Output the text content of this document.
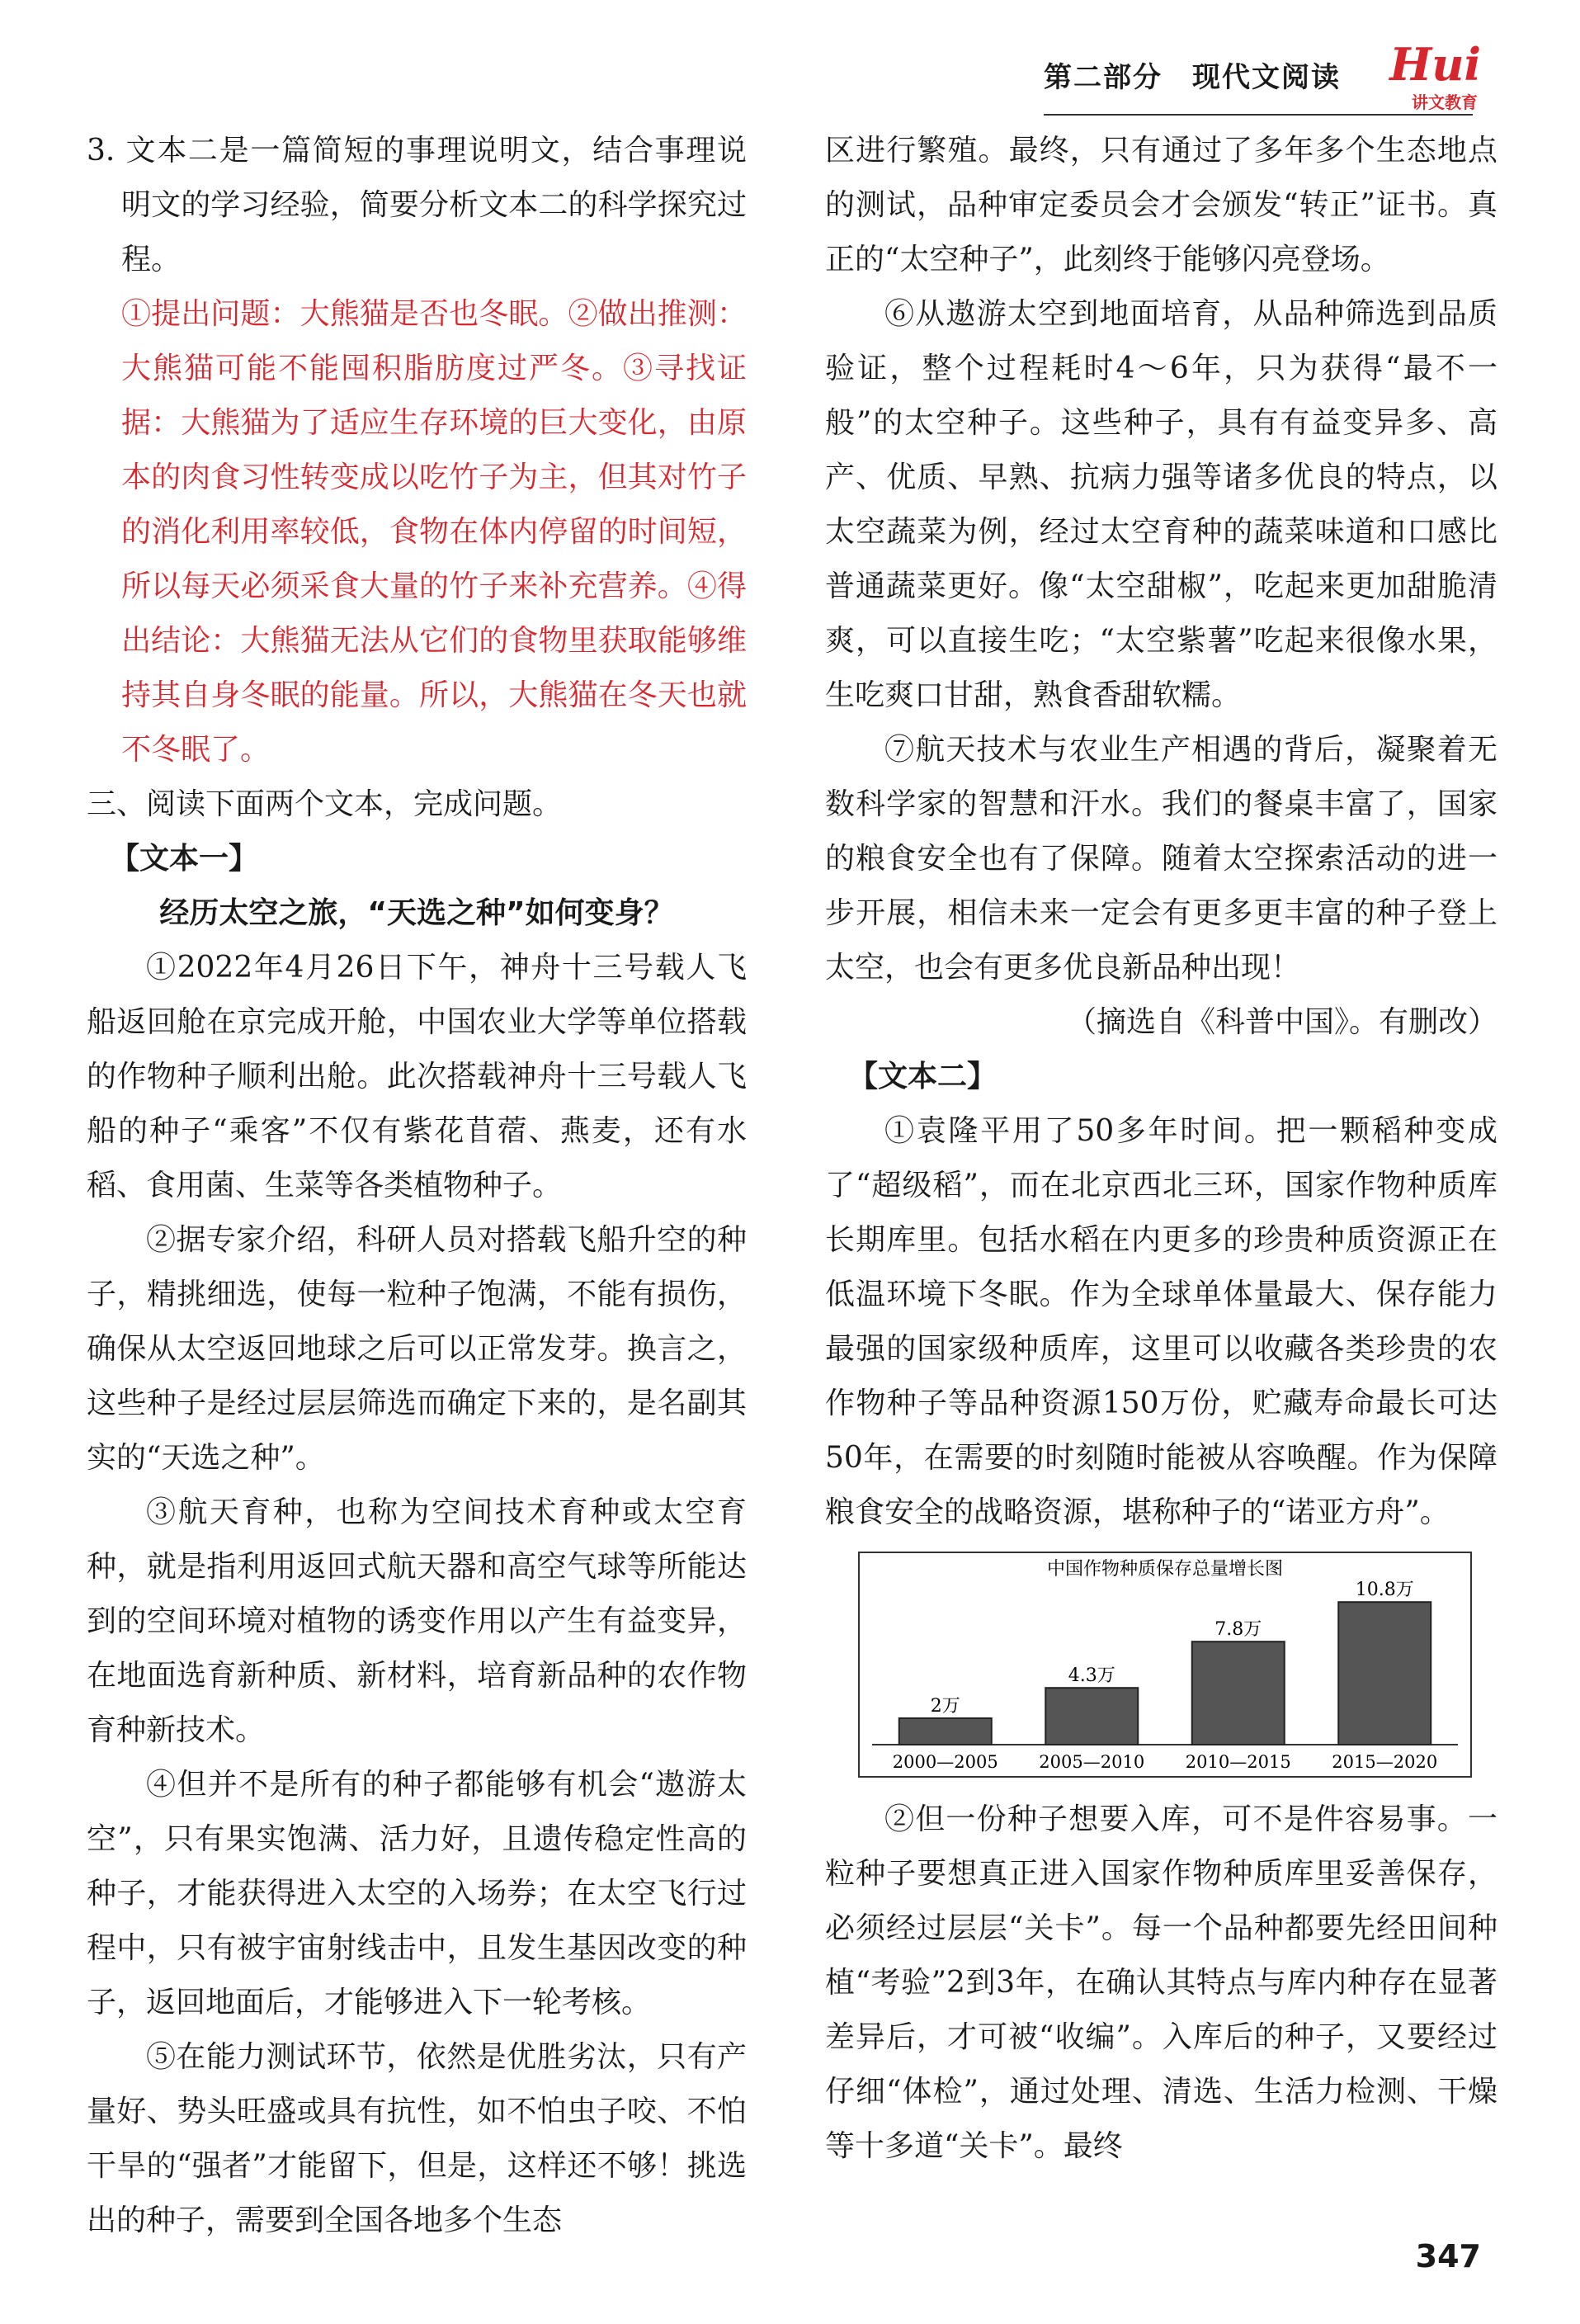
第二部分　现代文阅读 Hui
讲文教育

3. 文本二是一篇简短的事理说明文，结合事理说明文的学习经验，简要分析文本二的科学探究过程。

①提出问题：大熊猫是否也冬眠。②做出推测：大熊猫可能不能囤积脂肪度过严冬。③寻找证据：大熊猫为了适应生存环境的巨大变化，由原本的肉食习性转变成以吃竹子为主，但其对竹子的消化利用率较低，食物在体内停留的时间短，所以每天必须采食大量的竹子来补充营养。④得出结论：大熊猫无法从它们的食物里获取能够维持其自身冬眠的能量。所以，大熊猫在冬天也就不冬眠了。

三、阅读下面两个文本，完成问题。

【文本一】

经历太空之旅，“天选之种”如何变身？

①2022年4月26日下午，神舟十三号载人飞船返回舱在京完成开舱，中国农业大学等单位搭载的作物种子顺利出舱。此次搭载神舟十三号载人飞船的种子“乘客”不仅有紫花苜蓿、燕麦，还有水稻、食用菌、生菜等各类植物种子。

②据专家介绍，科研人员对搭载飞船升空的种子，精挑细选，使每一粒种子饱满，不能有损伤，确保从太空返回地球之后可以正常发芽。换言之，这些种子是经过层层筛选而确定下来的，是名副其实的“天选之种”。

③航天育种，也称为空间技术育种或太空育种，就是指利用返回式航天器和高空气球等所能达到的空间环境对植物的诱变作用以产生有益变异，在地面选育新种质、新材料，培育新品种的农作物育种新技术。

④但并不是所有的种子都能够有机会“遨游太空”，只有果实饱满、活力好，且遗传稳定性高的种子，才能获得进入太空的入场券；在太空飞行过程中，只有被宇宙射线击中，且发生基因改变的种子，返回地面后，才能够进入下一轮考核。

⑤在能力测试环节，依然是优胜劣汰，只有产量好、势头旺盛或具有抗性，如不怕虫子咬、不怕干旱的“强者”才能留下，但是，这样还不够！挑选出的种子，需要到全国各地多个生态

区进行繁殖。最终，只有通过了多年多个生态地点的测试，品种审定委员会才会颁发“转正”证书。真正的“太空种子”，此刻终于能够闪亮登场。

⑥从遨游太空到地面培育，从品种筛选到品质验证，整个过程耗时4～6年，只为获得“最不一般”的太空种子。这些种子，具有有益变异多、高产、优质、早熟、抗病力强等诸多优良的特点，以太空蔬菜为例，经过太空育种的蔬菜味道和口感比普通蔬菜更好。像“太空甜椒”，吃起来更加甜脆清爽，可以直接生吃；“太空紫薯”吃起来很像水果，生吃爽口甘甜，熟食香甜软糯。

⑦航天技术与农业生产相遇的背后，凝聚着无数科学家的智慧和汗水。我们的餐桌丰富了，国家的粮食安全也有了保障。随着太空探索活动的进一步开展，相信未来一定会有更多更丰富的种子登上太空，也会有更多优良新品种出现！

（摘选自《科普中国》。有删改）

【文本二】

①袁隆平用了50多年时间。把一颗稻种变成了“超级稻”，而在北京西北三环，国家作物种质库长期库里。包括水稻在内更多的珍贵种质资源正在低温环境下冬眠。作为全球单体量最大、保存能力最强的国家级种质库，这里可以收藏各类珍贵的农作物种子等品种资源150万份，贮藏寿命最长可达50年，在需要的时刻随时能被从容唤醒。作为保障粮食安全的战略资源，堪称种子的“诺亚方舟”。

中国作物种质保存总量增长图
2万
2000—2005
4.3万
2005—2010
7.8万
2010—2015
10.8万
2015—2020

②但一份种子想要入库，可不是件容易事。一粒种子要想真正进入国家作物种质库里妥善保存，必须经过层层“关卡”。每一个品种都要先经田间种植“考验”2到3年，在确认其特点与库内种存在显著差异后，才可被“收编”。入库后的种子，又要经过仔细“体检”，通过处理、清选、生活力检测、干燥等十多道“关卡”。最终

347
